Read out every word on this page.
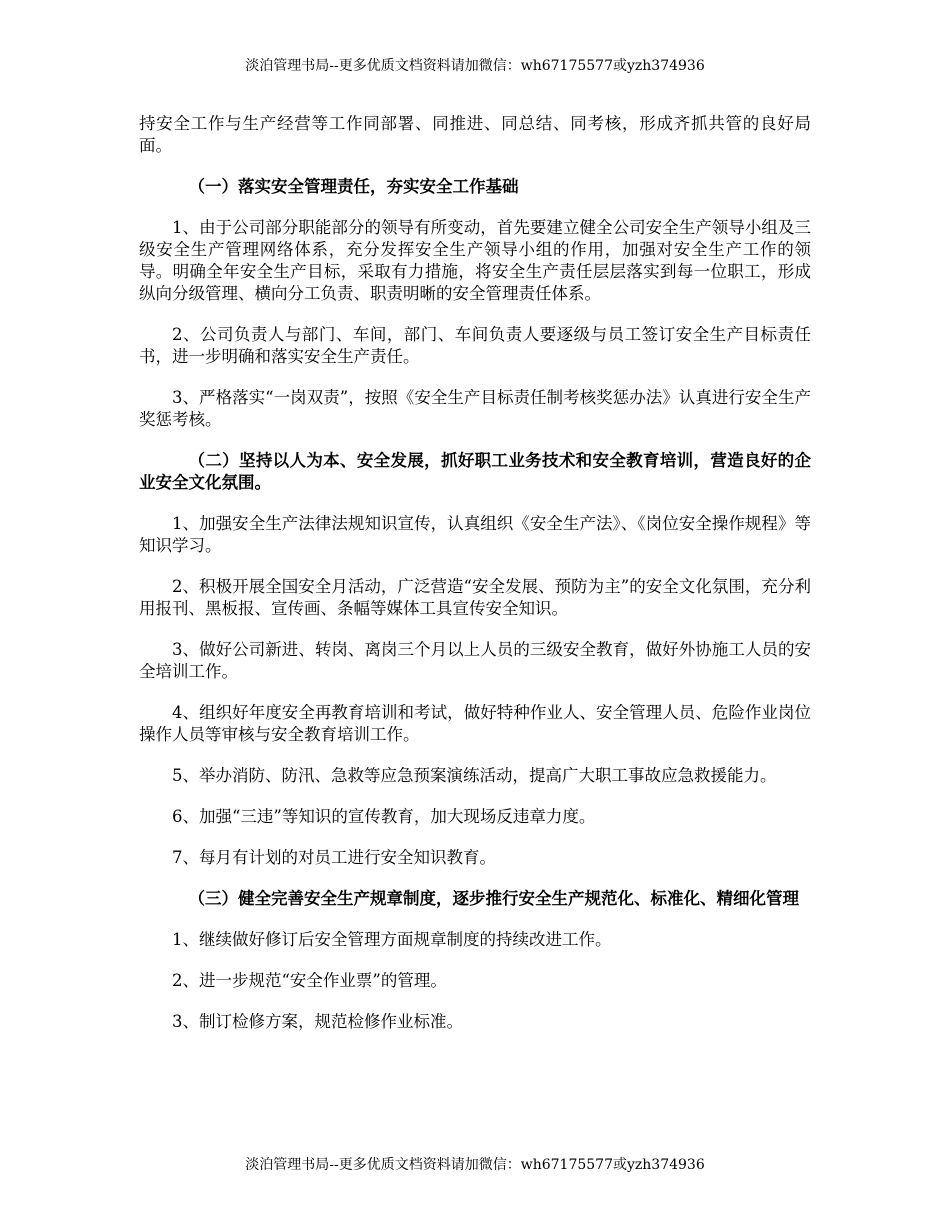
淡泊管理书局--更多优质文档资料请加微信：wh67175577或yzh374936

持安全工作与生产经营等工作同部署、同推进、同总结、同考核，形成齐抓共管的良好局面。

（一）落实安全管理责任，夯实安全工作基础

1、由于公司部分职能部分的领导有所变动，首先要建立健全公司安全生产领导小组及三级安全生产管理网络体系，充分发挥安全生产领导小组的作用，加强对安全生产工作的领导。明确全年安全生产目标，采取有力措施，将安全生产责任层层落实到每一位职工，形成纵向分级管理、横向分工负责、职责明晰的安全管理责任体系。

2、公司负责人与部门、车间，部门、车间负责人要逐级与员工签订安全生产目标责任书，进一步明确和落实安全生产责任。

3、严格落实“一岗双责”，按照《安全生产目标责任制考核奖惩办法》认真进行安全生产奖惩考核。

（二）坚持以人为本、安全发展，抓好职工业务技术和安全教育培训，营造良好的企业安全文化氛围。

1、加强安全生产法律法规知识宣传，认真组织《安全生产法》、《岗位安全操作规程》等知识学习。

2、积极开展全国安全月活动，广泛营造“安全发展、预防为主”的安全文化氛围，充分利用报刊、黑板报、宣传画、条幅等媒体工具宣传安全知识。

3、做好公司新进、转岗、离岗三个月以上人员的三级安全教育，做好外协施工人员的安全培训工作。

4、组织好年度安全再教育培训和考试，做好特种作业人、安全管理人员、危险作业岗位操作人员等审核与安全教育培训工作。

5、举办消防、防汛、急救等应急预案演练活动，提高广大职工事故应急救援能力。

6、加强“三违”等知识的宣传教育，加大现场反违章力度。

7、每月有计划的对员工进行安全知识教育。

（三）健全完善安全生产规章制度，逐步推行安全生产规范化、标准化、精细化管理

1、继续做好修订后安全管理方面规章制度的持续改进工作。

2、进一步规范“安全作业票”的管理。

3、制订检修方案，规范检修作业标准。

淡泊管理书局--更多优质文档资料请加微信：wh67175577或yzh374936
